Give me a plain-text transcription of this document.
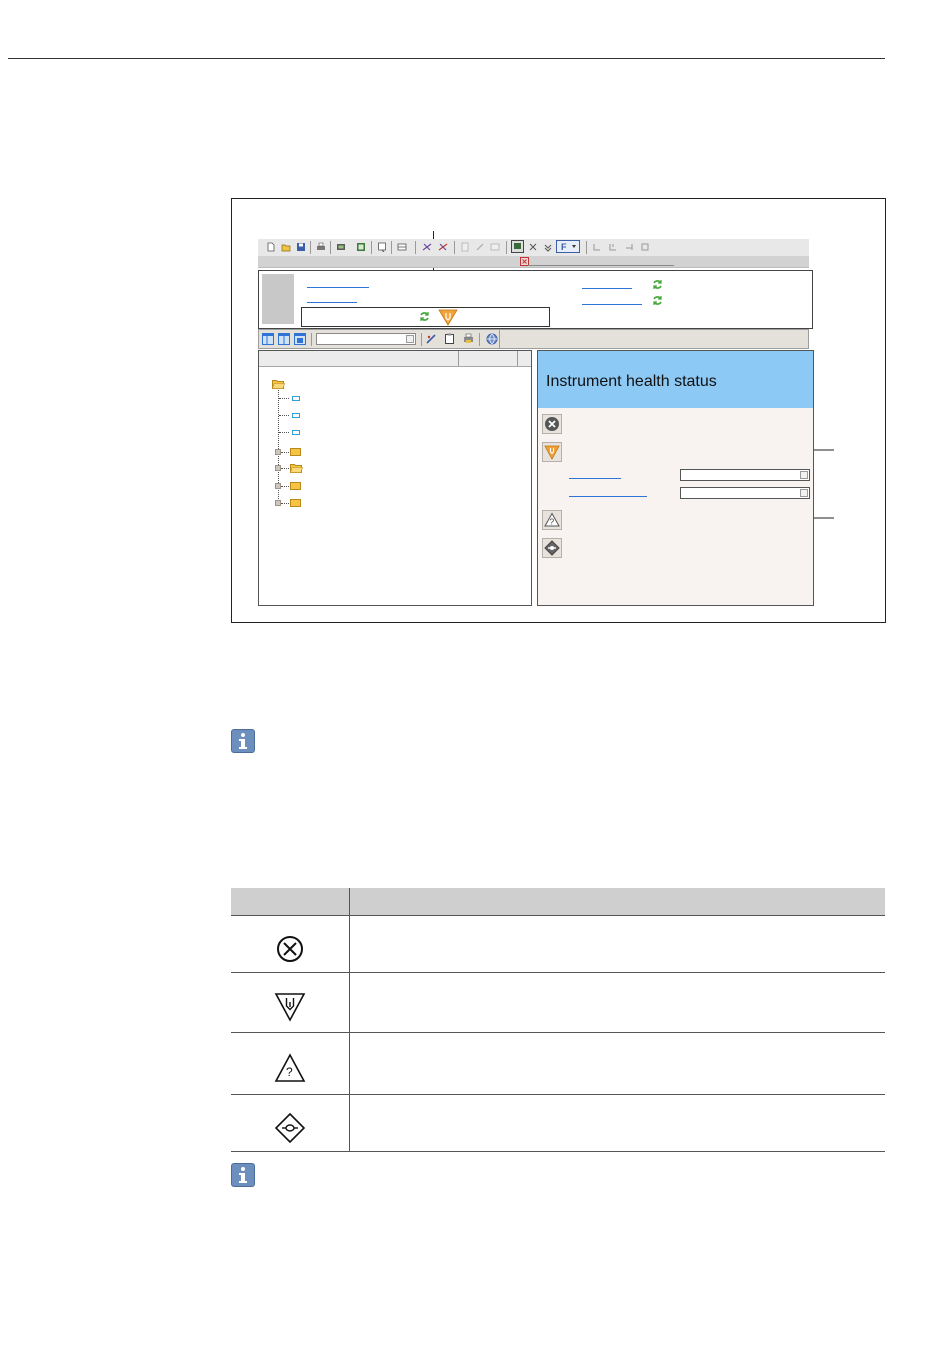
F
Instrument health status
?

?	
